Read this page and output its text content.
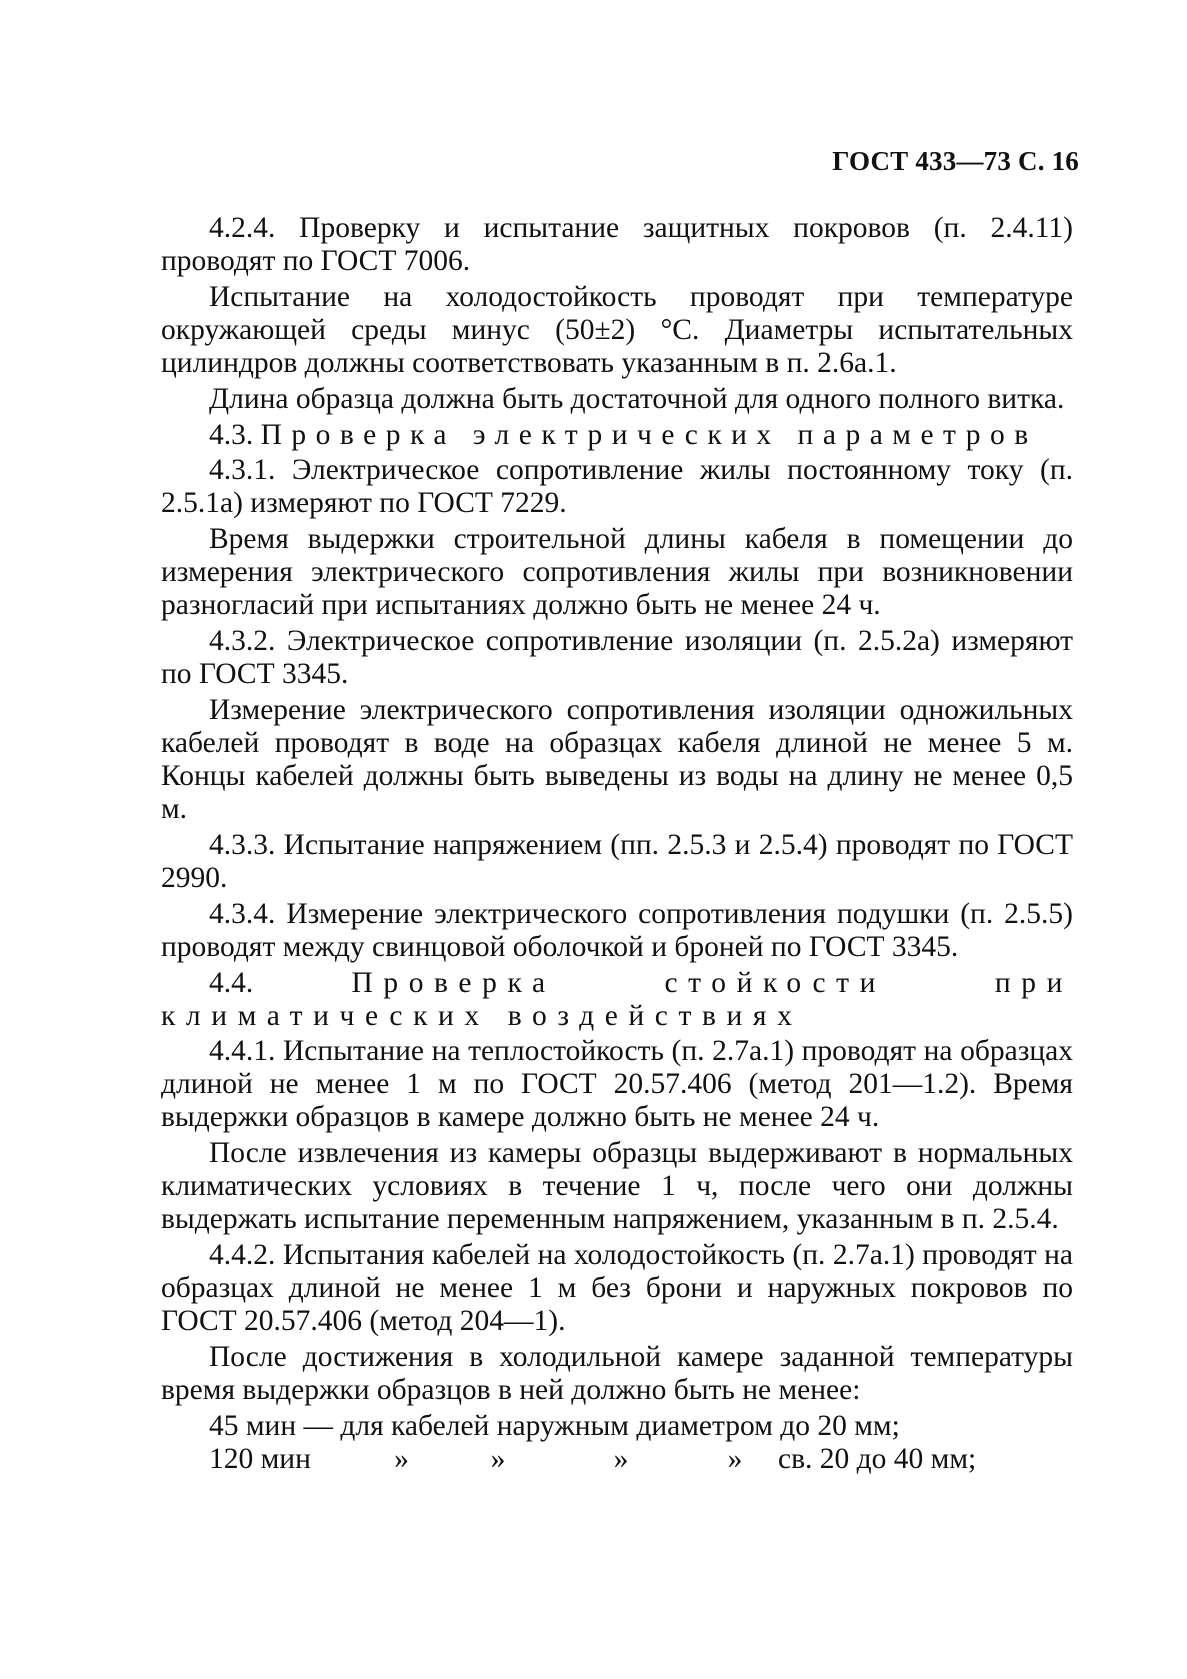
ГОСТ 433—73 С. 16

4.2.4. Проверку и испытание защитных покровов (п. 2.4.11) проводят по ГОСТ 7006.

Испытание на холодостойкость проводят при температуре окружающей среды минус (50±2) °С. Диаметры испытательных цилиндров должны соответствовать указанным в п. 2.6а.1.

Длина образца должна быть достаточной для одного полного витка.

4.3. Проверка электрических параметров

4.3.1. Электрическое сопротивление жилы постоянному току (п. 2.5.1а) измеряют по ГОСТ 7229.

Время выдержки строительной длины кабеля в помещении до измерения электрического сопротивления жилы при возникновении разногласий при испытаниях должно быть не менее 24 ч.

4.3.2. Электрическое сопротивление изоляции (п. 2.5.2а) измеряют по ГОСТ 3345.

Измерение электрического сопротивления изоляции одножильных кабелей проводят в воде на образцах кабеля длиной не менее 5 м. Концы кабелей должны быть выведены из воды на длину не менее 0,5 м.

4.3.3. Испытание напряжением (пп. 2.5.3 и 2.5.4) проводят по ГОСТ 2990.

4.3.4. Измерение электрического сопротивления подушки (п. 2.5.5) проводят между свинцовой оболочкой и броней по ГОСТ 3345.

4.4.	Проверка стойкости при климатических воздействиях

4.4.1. Испытание на теплостойкость (п. 2.7а.1) проводят на образцах длиной не менее 1 м по ГОСТ 20.57.406 (метод 201—1.2). Время выдержки образцов в камере должно быть не менее 24 ч.

После извлечения из камеры образцы выдерживают в нормальных климатических условиях в течение 1 ч, после чего они должны выдержать испытание переменным напряжением, указанным в п. 2.5.4.

4.4.2. Испытания кабелей на холодостойкость (п. 2.7а.1) проводят на образцах длиной не менее 1 м без брони и наружных покровов по ГОСТ 20.57.406 (метод 204—1).

После достижения в холодильной камере заданной температуры время выдержки образцов в ней должно быть не менее:

45 мин — для кабелей наружным диаметром до 20 мм;
120 мин	»	»	»	»	св. 20 до 40 мм;
